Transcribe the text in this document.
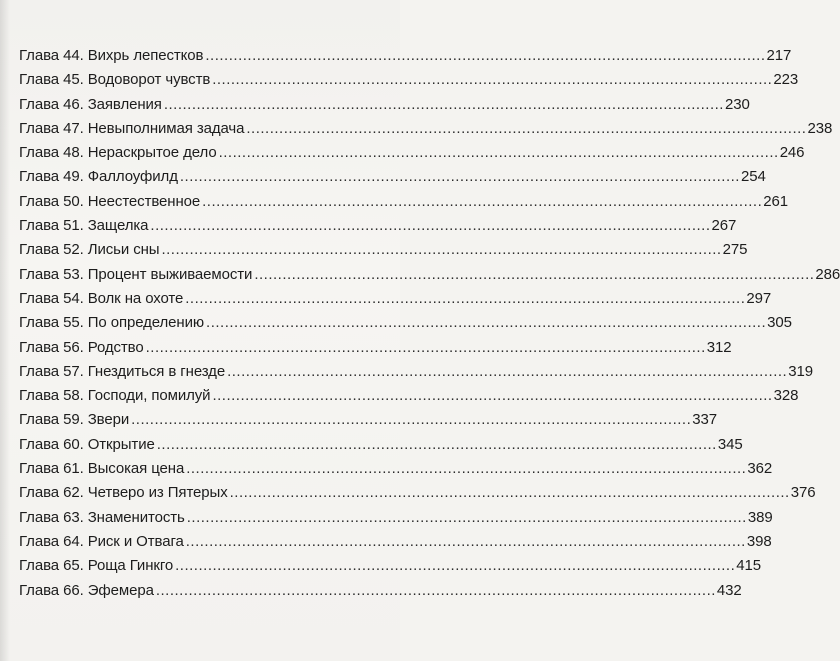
Глава 44. Вихрь лепестков ........................................................................................................................ 217
Глава 45. Водоворот чувств ........................................................................................................................ 223
Глава 46. Заявления ........................................................................................................................ 230
Глава 47. Невыполнимая задача ........................................................................................................................ 238
Глава 48. Нераскрытое дело ........................................................................................................................ 246
Глава 49. Фаллоуфилд ........................................................................................................................ 254
Глава 50. Неестественное ........................................................................................................................ 261
Глава 51. Защелка ........................................................................................................................ 267
Глава 52. Лисьи сны ........................................................................................................................ 275
Глава 53. Процент выживаемости ........................................................................................................................ 286
Глава 54. Волк на охоте ........................................................................................................................ 297
Глава 55. По определению ........................................................................................................................ 305
Глава 56. Родство ........................................................................................................................ 312
Глава 57. Гнездиться в гнезде ........................................................................................................................ 319
Глава 58. Господи, помилуй ........................................................................................................................ 328
Глава 59. Звери ........................................................................................................................ 337
Глава 60. Открытие ........................................................................................................................ 345
Глава 61. Высокая цена ........................................................................................................................ 362
Глава 62. Четверо из Пятерых ........................................................................................................................ 376
Глава 63. Знаменитость ........................................................................................................................ 389
Глава 64. Риск и Отвага ........................................................................................................................ 398
Глава 65. Роща Гинкго ........................................................................................................................ 415
Глава 66. Эфемера ........................................................................................................................ 432
